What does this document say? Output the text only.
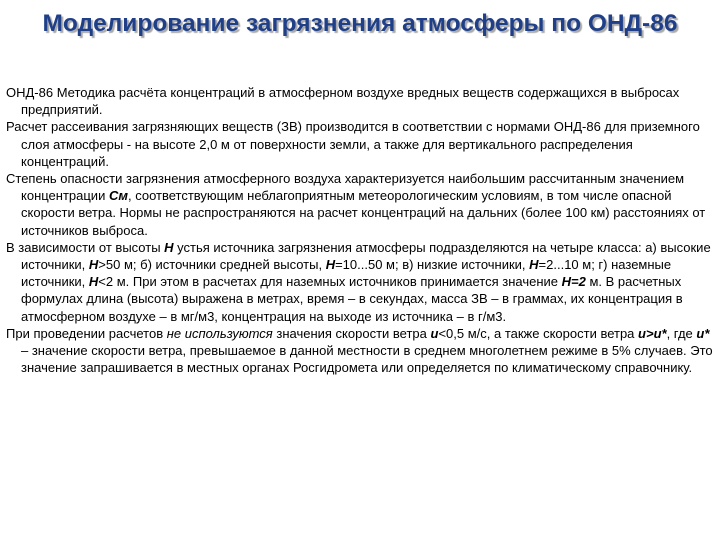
Моделирование загрязнения атмосферы по ОНД-86

ОНД-86 Методика расчёта концентраций в атмосферном воздухе вредных веществ содержащихся в выбросах предприятий.

Расчет рассеивания загрязняющих веществ (ЗВ) производится в соответствии с нормами ОНД-86 для приземного слоя атмосферы - на высоте 2,0 м от поверхности земли, а также для вертикального распределения концентраций.

Степень опасности загрязнения атмосферного воздуха характеризуется наибольшим рассчитанным значением концентрации См, соответствующим неблагоприятным метеорологическим условиям, в том числе опасной скорости ветра. Нормы не распространяются на расчет концентраций на дальних (более 100 км) расстояниях от источников выброса.

В зависимости от высоты H устья источника загрязнения атмосферы подразделяются на четыре класса: а) высокие источники, H>50 м; б) источники средней высоты, H=10...50 м; в) низкие источники, H=2...10 м; г) наземные источники, H<2 м. При этом в расчетах для наземных источников принимается значение H=2 м. В расчетных формулах длина (высота) выражена в метрах, время – в секундах, масса ЗВ – в граммах, их концентрация в атмосферном воздухе – в мг/м3, концентрация на выходе из источника – в г/м3.

При проведении расчетов не используются значения скорости ветра u<0,5 м/с, а также скорости ветра u>u*, где u* – значение скорости ветра, превышаемое в данной местности в среднем многолетнем режиме в 5% случаев. Это значение запрашивается в местных органах Росгидромета или определяется по климатическому справочнику.
